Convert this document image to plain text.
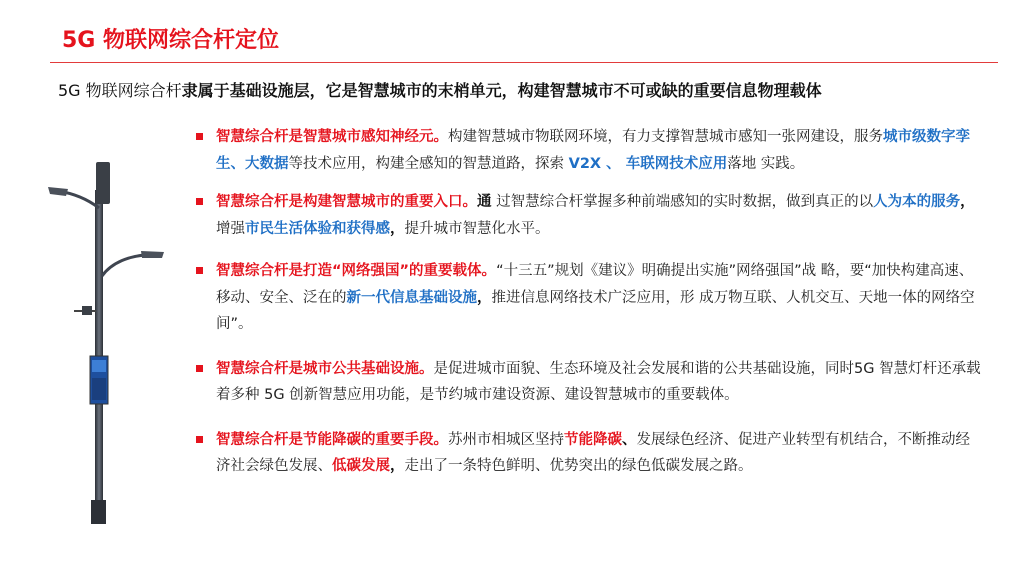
5G 物联网综合杆定位
5G 物联网综合杆隶属于基础设施层，它是智慧城市的末梢单元，构建智慧城市不可或缺的重要信息物理载体
智慧综合杆是智慧城市感知神经元。构建智慧城市物联网环境，有力支撑智慧城市感知一张网建设，服务城市级数字孪生、大数据等技术应用，构建全感知的智慧道路，探索 V2X 、 车联网技术应用落地 实践。
智慧综合杆是构建智慧城市的重要入口。通 过智慧综合杆掌握多种前端感知的实时数据，做到真正的以人为本的服务，增强市民生活体验和获得感，提升城市智慧化水平。
智慧综合杆是打造“网络强国”的重要载体。“十三五”规划《建议》明确提出实施”网络强国”战 略，要“加快构建高速、移动、安全、泛在的新一代信息基础设施，推进信息网络技术广泛应用，形 成万物互联、人机交互、天地一体的网络空间”。
智慧综合杆是城市公共基础设施。是促进城市面貌、生态环境及社会发展和谐的公共基础设施，同时5G 智慧灯杆还承载着多种 5G 创新智慧应用功能，是节约城市建设资源、建设智慧城市的重要载体。
智慧综合杆是节能降碳的重要手段。苏州市相城区坚持节能降碳、发展绿色经济、促进产业转型有机结合，不断推动经济社会绿色发展、低碳发展，走出了一条特色鲜明、优势突出的绿色低碳发展之路。
